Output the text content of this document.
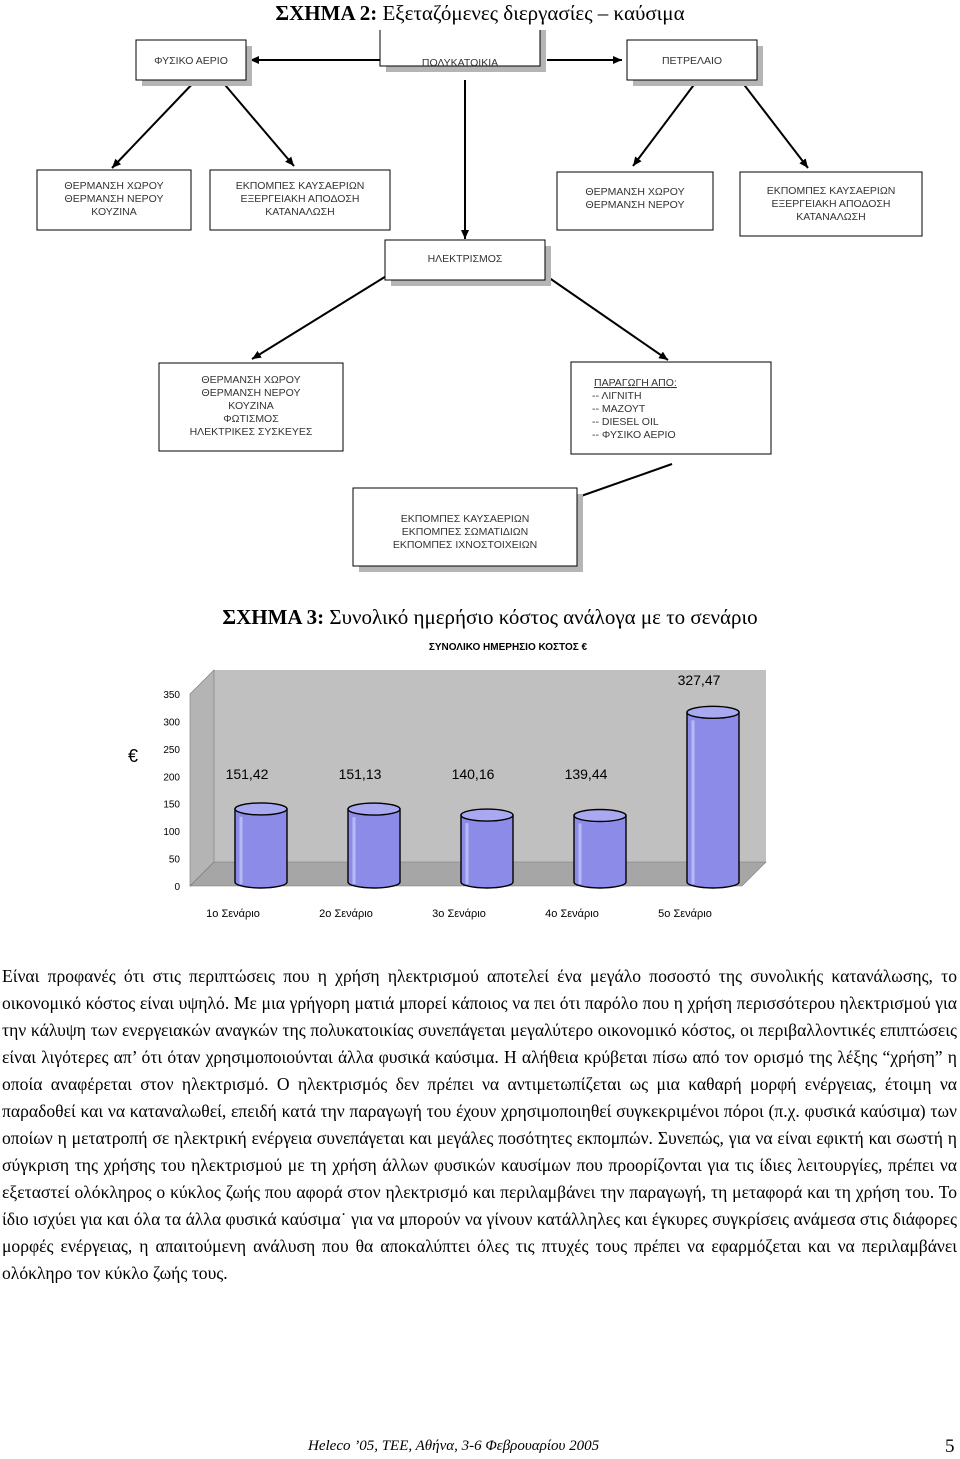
ΣΧΗΜΑ 2: Εξεταζόμενες διεργασίες – καύσιμα
ΦΥΣΙΚΟ ΑΕΡΙΟ	ΠΟΛΥΚΑΤΟΙΚΙΑ	ΠΕΤΡΕΛΑΙΟ
ΘΕΡΜΑΝΣΗ ΧΩΡΟΥ
ΘΕΡΜΑΝΣΗ ΝΕΡΟΥ
ΚΟΥΖΙΝΑ
ΕΚΠΟΜΠΕΣ ΚΑΥΣΑΕΡΙΩΝ
ΕΞΕΡΓΕΙΑΚΗ ΑΠΟΔΟΣΗ
ΚΑΤΑΝΑΛΩΣΗ
ΘΕΡΜΑΝΣΗ ΧΩΡΟΥ
ΘΕΡΜΑΝΣΗ ΝΕΡΟΥ
ΕΚΠΟΜΠΕΣ ΚΑΥΣΑΕΡΙΩΝ
ΕΞΕΡΓΕΙΑΚΗ ΑΠΟΔΟΣΗ
ΚΑΤΑΝΑΛΩΣΗ
ΗΛΕΚΤΡΙΣΜΟΣ
ΘΕΡΜΑΝΣΗ ΧΩΡΟΥ
ΘΕΡΜΑΝΣΗ ΝΕΡΟΥ
ΚΟΥΖΙΝΑ
ΦΩΤΙΣΜΟΣ
ΗΛΕΚΤΡΙΚΕΣ ΣΥΣΚΕΥΕΣ
ΠΑΡΑΓΩΓΗ ΑΠΟ:
-- ΛΙΓΝΙΤΗ
-- ΜΑΖΟΥΤ
-- DIESEL OIL
-- ΦΥΣΙΚΟ ΑΕΡΙΟ
ΕΚΠΟΜΠΕΣ ΚΑΥΣΑΕΡΙΩΝ
ΕΚΠΟΜΠΕΣ ΣΩΜΑΤΙΔΙΩΝ
ΕΚΠΟΜΠΕΣ ΙΧΝΟΣΤΟΙΧΕΙΩΝ
ΣΧΗΜΑ 3: Συνολικό ημερήσιο κόστος ανάλογα με το σενάριο
ΣΥΝΟΛΙΚΟ ΗΜΕΡΗΣΙΟ ΚΟΣΤΟΣ €
€
0
50
100
150
200
250
300
350
151,42	151,13	140,16	139,44
327,47
1ο Σενάριο	2ο Σενάριο	3ο Σενάριο	4ο Σενάριο	5ο Σενάριο

Είναι προφανές ότι στις περιπτώσεις που η χρήση ηλεκτρισμού αποτελεί ένα μεγάλο ποσοστό της συνολικής κατανάλωσης, το οικονομικό κόστος είναι υψηλό. Με μια γρήγορη ματιά μπορεί κάποιος να πει ότι παρόλο που η χρήση περισσότερου ηλεκτρισμού για την κάλυψη των ενεργειακών αναγκών της πολυκατοικίας συνεπάγεται μεγαλύτερο οικονομικό κόστος, οι περιβαλλοντικές επιπτώσεις είναι λιγότερες απ’ ότι όταν χρησιμοποιούνται άλλα φυσικά καύσιμα. Η αλήθεια κρύβεται πίσω από τον ορισμό της λέξης “χρήση” η οποία αναφέρεται στον ηλεκτρισμό. Ο ηλεκτρισμός δεν πρέπει να αντιμετωπίζεται ως μια καθαρή μορφή ενέργειας, έτοιμη να παραδοθεί και να καταναλωθεί, επειδή κατά την παραγωγή του έχουν χρησιμοποιηθεί συγκεκριμένοι πόροι (π.χ. φυσικά καύσιμα) των οποίων η μετατροπή σε ηλεκτρική ενέργεια συνεπάγεται και μεγάλες ποσότητες εκπομπών. Συνεπώς, για να είναι εφικτή και σωστή η σύγκριση της χρήσης του ηλεκτρισμού με τη χρήση άλλων φυσικών καυσίμων που προορίζονται για τις ίδιες λειτουργίες, πρέπει να εξεταστεί ολόκληρος ο κύκλος ζωής που αφορά στον ηλεκτρισμό και περιλαμβάνει την παραγωγή, τη μεταφορά και τη χρήση του. Το ίδιο ισχύει για και όλα τα άλλα φυσικά καύσιμα˙ για να μπορούν να γίνουν κατάλληλες και έγκυρες συγκρίσεις ανάμεσα στις διάφορες μορφές ενέργειας, η απαιτούμενη ανάλυση που θα αποκαλύπτει όλες τις πτυχές τους πρέπει να εφαρμόζεται και να περιλαμβάνει ολόκληρο τον κύκλο ζωής τους.

Heleco ’05, ΤΕΕ, Αθήνα, 3-6 Φεβρουαρίου 2005	5
